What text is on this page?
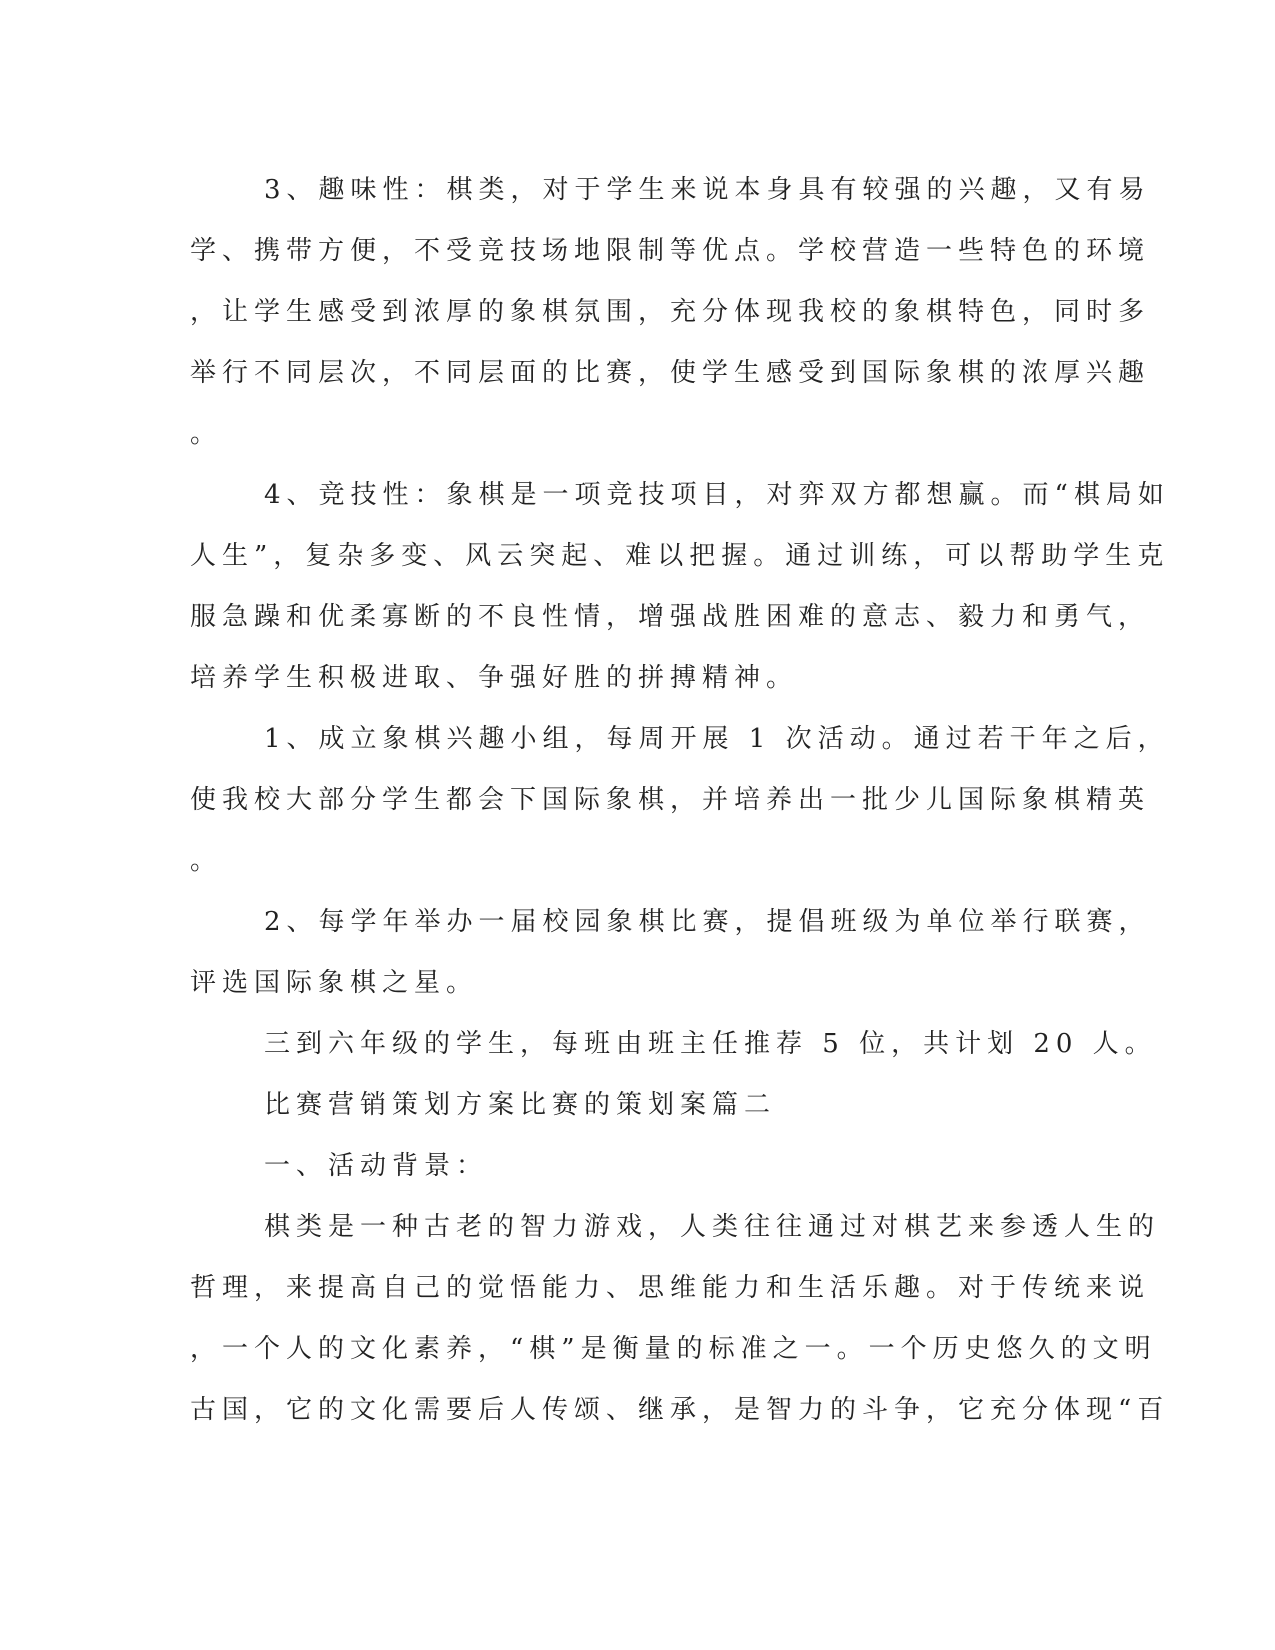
3、趣味性：棋类，对于学生来说本身具有较强的兴趣，又有易
学、携带方便，不受竞技场地限制等优点。学校营造一些特色的环境
，让学生感受到浓厚的象棋氛围，充分体现我校的象棋特色，同时多
举行不同层次，不同层面的比赛，使学生感受到国际象棋的浓厚兴趣
。
4、竞技性：象棋是一项竞技项目，对弈双方都想赢。而“棋局如
人生”，复杂多变、风云突起、难以把握。通过训练，可以帮助学生克
服急躁和优柔寡断的不良性情，增强战胜困难的意志、毅力和勇气，
培养学生积极进取、争强好胜的拼搏精神。
1、成立象棋兴趣小组，每周开展 1 次活动。通过若干年之后，
使我校大部分学生都会下国际象棋，并培养出一批少儿国际象棋精英
。
2、每学年举办一届校园象棋比赛，提倡班级为单位举行联赛，
评选国际象棋之星。
三到六年级的学生，每班由班主任推荐 5 位，共计划 20 人。
比赛营销策划方案比赛的策划案篇二
一、活动背景：
棋类是一种古老的智力游戏，人类往往通过对棋艺来参透人生的
哲理，来提高自己的觉悟能力、思维能力和生活乐趣。对于传统来说
，一个人的文化素养，“棋”是衡量的标准之一。一个历史悠久的文明
古国，它的文化需要后人传颂、继承，是智力的斗争，它充分体现“百
